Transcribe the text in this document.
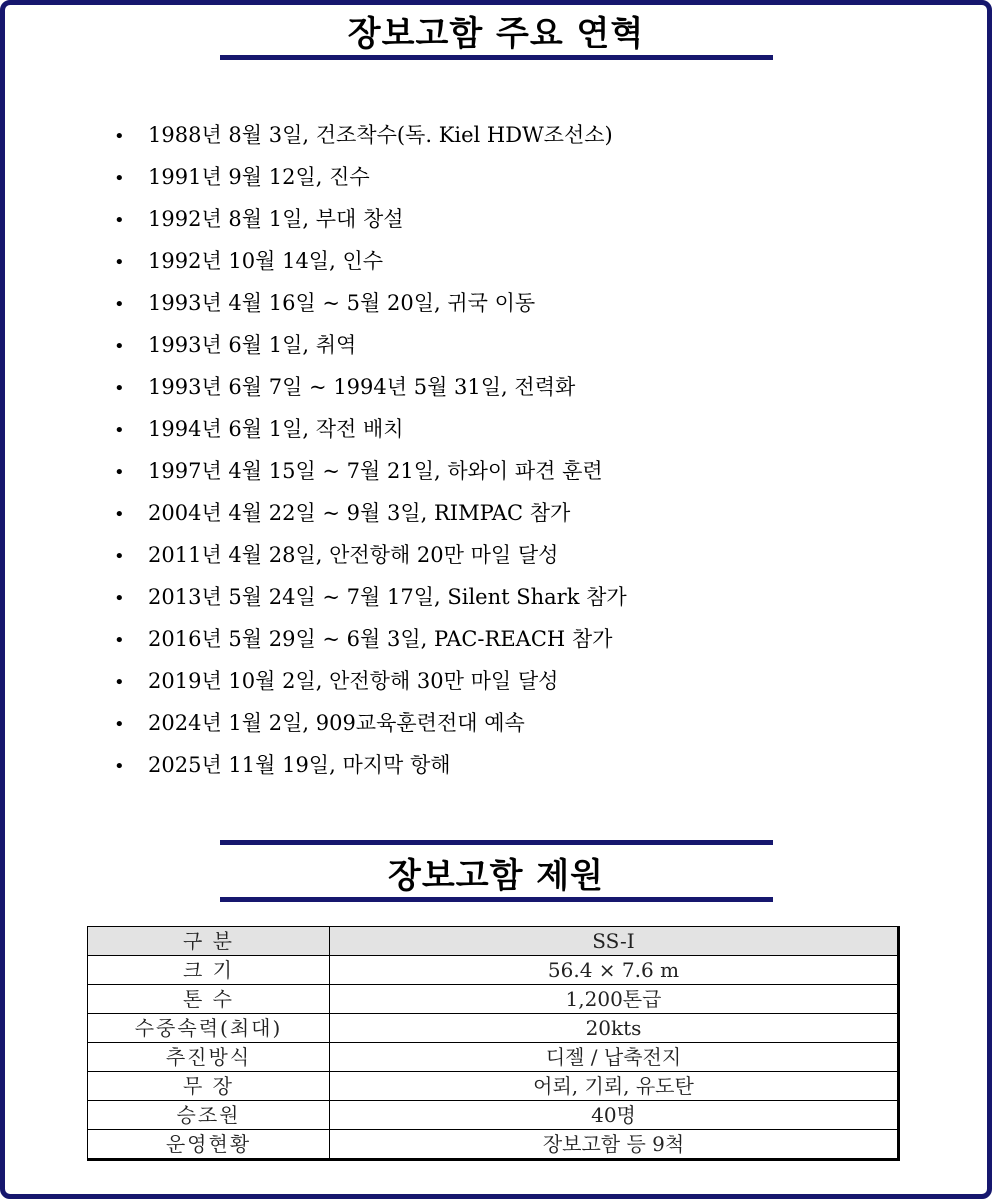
장보고함 주요 연혁
• 1988년 8월 3일, 건조착수(독. Kiel HDW조선소)
• 1991년 9월 12일, 진수
• 1992년 8월 1일, 부대 창설
• 1992년 10월 14일, 인수
• 1993년 4월 16일 ~ 5월 20일, 귀국 이동
• 1993년 6월 1일, 취역
• 1993년 6월 7일 ~ 1994년 5월 31일, 전력화
• 1994년 6월 1일, 작전 배치
• 1997년 4월 15일 ~ 7월 21일, 하와이 파견 훈련
• 2004년 4월 22일 ~ 9월 3일, RIMPAC 참가
• 2011년 4월 28일, 안전항해 20만 마일 달성
• 2013년 5월 24일 ~ 7월 17일, Silent Shark 참가
• 2016년 5월 29일 ~ 6월 3일, PAC-REACH 참가
• 2019년 10월 2일, 안전항해 30만 마일 달성
• 2024년 1월 2일, 909교육훈련전대 예속
• 2025년 11월 19일, 마지막 항해
장보고함 제원
구 분	SS-Ⅰ
크 기	56.4 × 7.6 m
톤 수	1,200톤급
수중속력(최대)	20kts
추진방식	디젤 / 납축전지
무 장	어뢰, 기뢰, 유도탄
승조원	40명
운영현황	장보고함 등 9척
